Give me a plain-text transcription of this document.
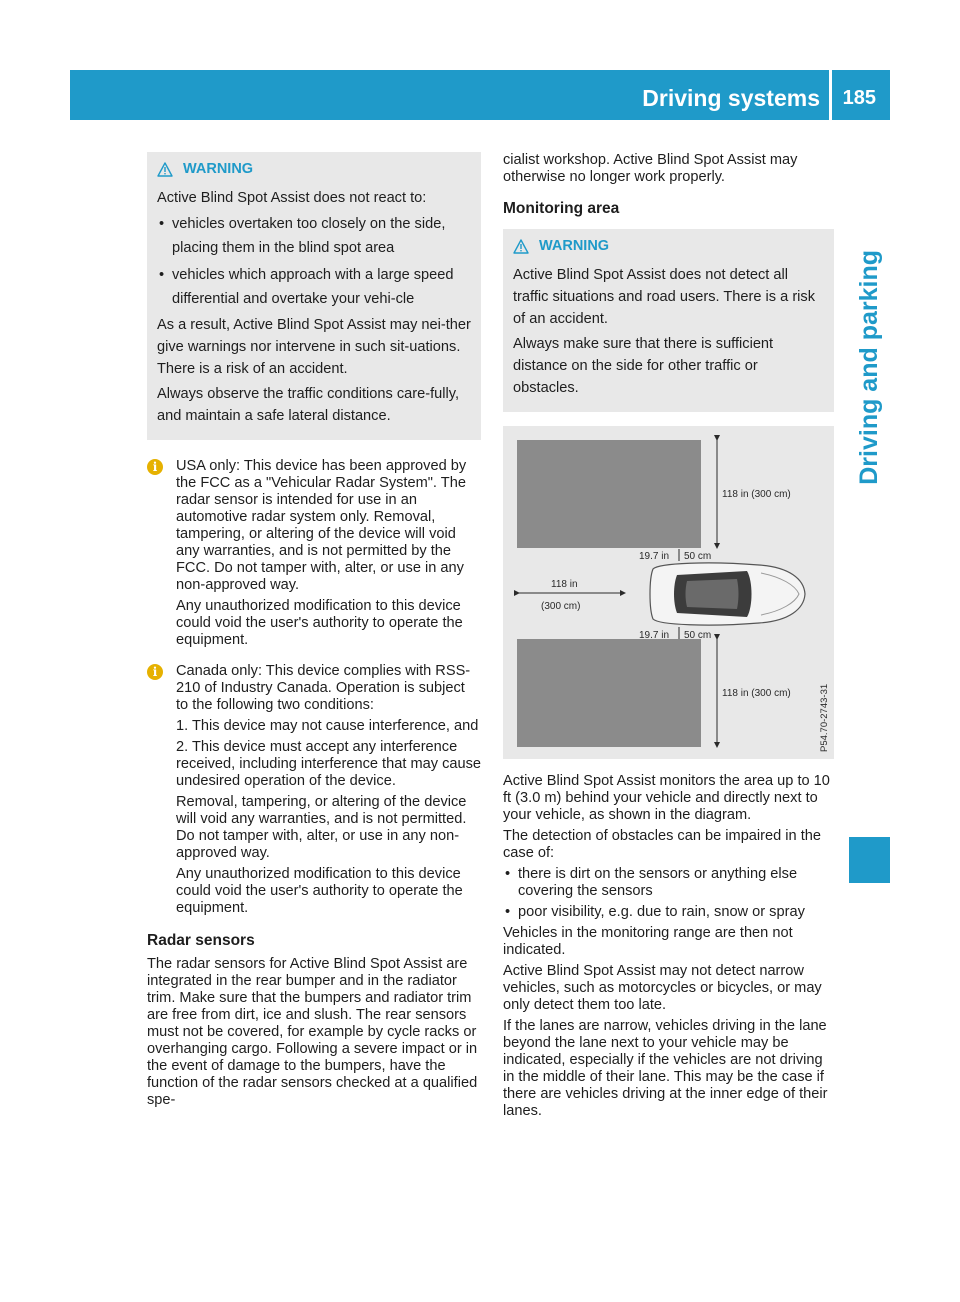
Driving systems 185
Driving and parking
WARNING

Active Blind Spot Assist does not react to:

• vehicles overtaken too closely on the side, placing them in the blind spot area
• vehicles which approach with a large speed differential and overtake your vehi-cle

As a result, Active Blind Spot Assist may nei-ther give warnings nor intervene in such sit-uations. There is a risk of an accident.

Always observe the traffic conditions care-fully, and maintain a safe lateral distance.

i	USA only: This device has been approved by the FCC as a "Vehicular Radar System". The radar sensor is intended for use in an automotive radar system only. Removal, tampering, or altering of the device will void any warranties, and is not permitted by the FCC. Do not tamper with, alter, or use in any non-approved way.

Any unauthorized modification to this device could void the user's authority to operate the equipment.

i	Canada only: This device complies with RSS-210 of Industry Canada. Operation is subject to the following two conditions:

1. This device may not cause interference, and

2. This device must accept any interference received, including interference that may cause undesired operation of the device.

Removal, tampering, or altering of the device will void any warranties, and is not permitted. Do not tamper with, alter, or use in any non-approved way.

Any unauthorized modification to this device could void the user's authority to operate the equipment.

Radar sensors

The radar sensors for Active Blind Spot Assist are integrated in the rear bumper and in the radiator trim. Make sure that the bumpers and radiator trim are free from dirt, ice and slush. The rear sensors must not be covered, for example by cycle racks or overhanging cargo. Following a severe impact or in the event of damage to the bumpers, have the function of the radar sensors checked at a qualified spe-

cialist workshop. Active Blind Spot Assist may otherwise no longer work properly.

Monitoring area
WARNING

Active Blind Spot Assist does not detect all traffic situations and road users. There is a risk of an accident.

Always make sure that there is sufficient distance on the side for other traffic or obstacles.

118 in (300 cm)
118 in
(300 cm)
19.7 in 50 cm
19.7 in 50 cm
118 in (300 cm)	P54.70-2743-31

Active Blind Spot Assist monitors the area up to 10 ft (3.0 m) behind your vehicle and directly next to your vehicle, as shown in the diagram.

The detection of obstacles can be impaired in the case of:

• there is dirt on the sensors or anything else covering the sensors
• poor visibility, e.g. due to rain, snow or spray

Vehicles in the monitoring range are then not indicated.

Active Blind Spot Assist may not detect narrow vehicles, such as motorcycles or bicycles, or may only detect them too late.

If the lanes are narrow, vehicles driving in the lane beyond the lane next to your vehicle may be indicated, especially if the vehicles are not driving in the middle of their lane. This may be the case if there are vehicles driving at the inner edge of their lanes.
